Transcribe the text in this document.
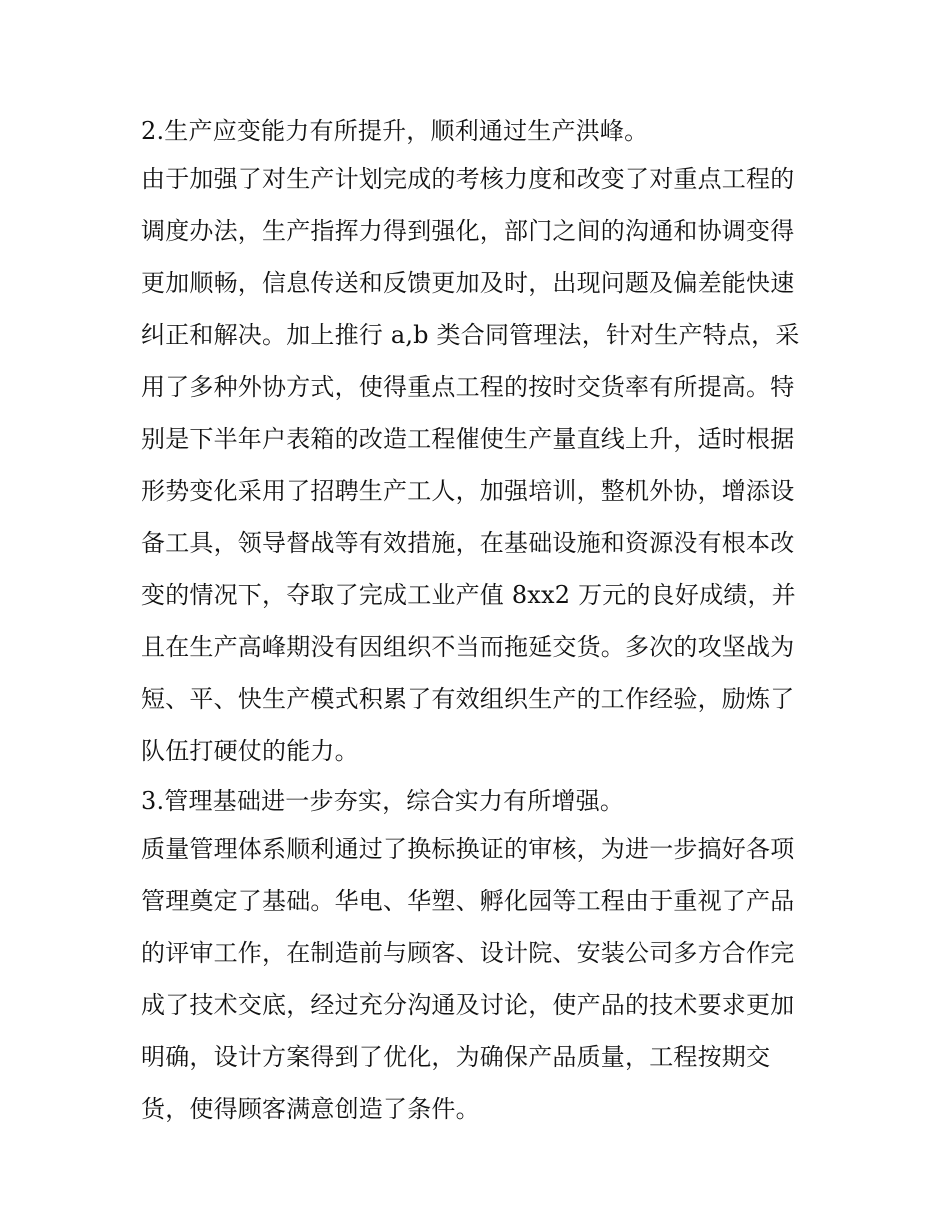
2.生产应变能力有所提升，顺利通过生产洪峰。
由于加强了对生产计划完成的考核力度和改变了对重点工程的
调度办法，生产指挥力得到强化，部门之间的沟通和协调变得
更加顺畅，信息传送和反馈更加及时，出现问题及偏差能快速
纠正和解决。加上推行 a,b 类合同管理法，针对生产特点，采
用了多种外协方式，使得重点工程的按时交货率有所提高。特
别是下半年户表箱的改造工程催使生产量直线上升，适时根据
形势变化采用了招聘生产工人，加强培训，整机外协，增添设
备工具，领导督战等有效措施，在基础设施和资源没有根本改
变的情况下，夺取了完成工业产值 8xx2 万元的良好成绩，并
且在生产高峰期没有因组织不当而拖延交货。多次的攻坚战为
短、平、快生产模式积累了有效组织生产的工作经验，励炼了
队伍打硬仗的能力。
3.管理基础进一步夯实，综合实力有所增强。
质量管理体系顺利通过了换标换证的审核，为进一步搞好各项
管理奠定了基础。华电、华塑、孵化园等工程由于重视了产品
的评审工作，在制造前与顾客、设计院、安装公司多方合作完
成了技术交底，经过充分沟通及讨论，使产品的技术要求更加
明确，设计方案得到了优化，为确保产品质量，工程按期交
货，使得顾客满意创造了条件。
